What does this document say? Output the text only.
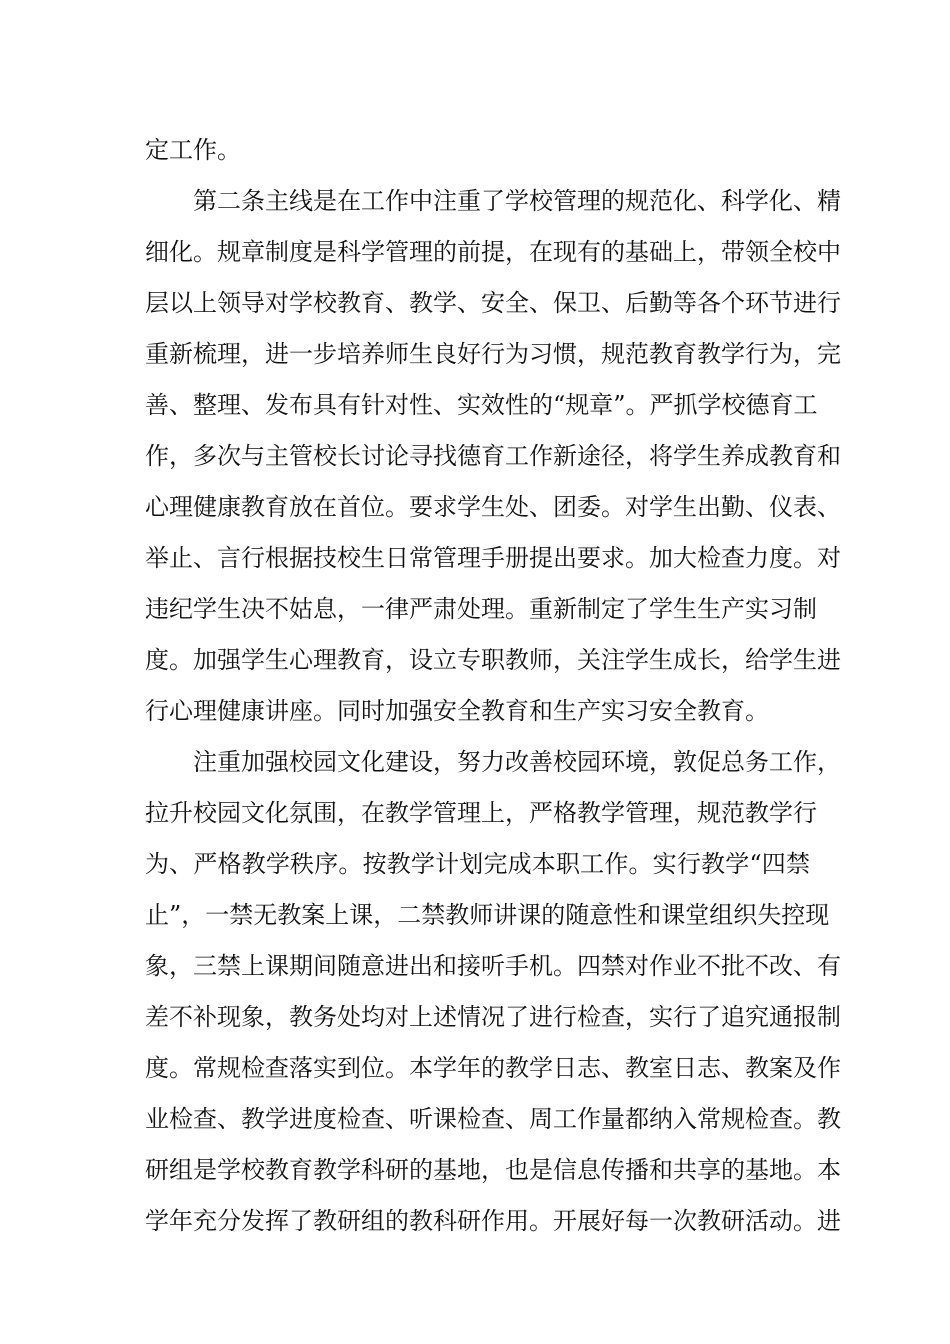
定工作。
第二条主线是在工作中注重了学校管理的规范化、科学化、精
细化。规章制度是科学管理的前提，在现有的基础上，带领全校中
层以上领导对学校教育、教学、安全、保卫、后勤等各个环节进行
重新梳理，进一步培养师生良好行为习惯，规范教育教学行为，完
善、整理、发布具有针对性、实效性的“规章”。严抓学校德育工
作，多次与主管校长讨论寻找德育工作新途径，将学生养成教育和
心理健康教育放在首位。要求学生处、团委。对学生出勤、仪表、
举止、言行根据技校生日常管理手册提出要求。加大检查力度。对
违纪学生决不姑息，一律严肃处理。重新制定了学生生产实习制
度。加强学生心理教育，设立专职教师，关注学生成长，给学生进
行心理健康讲座。同时加强安全教育和生产实习安全教育。
注重加强校园文化建设，努力改善校园环境，敦促总务工作，
拉升校园文化氛围，在教学管理上，严格教学管理，规范教学行
为、严格教学秩序。按教学计划完成本职工作。实行教学“四禁
止”，一禁无教案上课，二禁教师讲课的随意性和课堂组织失控现
象，三禁上课期间随意进出和接听手机。四禁对作业不批不改、有
差不补现象，教务处均对上述情况了进行检查，实行了追究通报制
度。常规检查落实到位。本学年的教学日志、教室日志、教案及作
业检查、教学进度检查、听课检查、周工作量都纳入常规检查。教
研组是学校教育教学科研的基地，也是信息传播和共享的基地。本
学年充分发挥了教研组的教科研作用。开展好每一次教研活动。进
